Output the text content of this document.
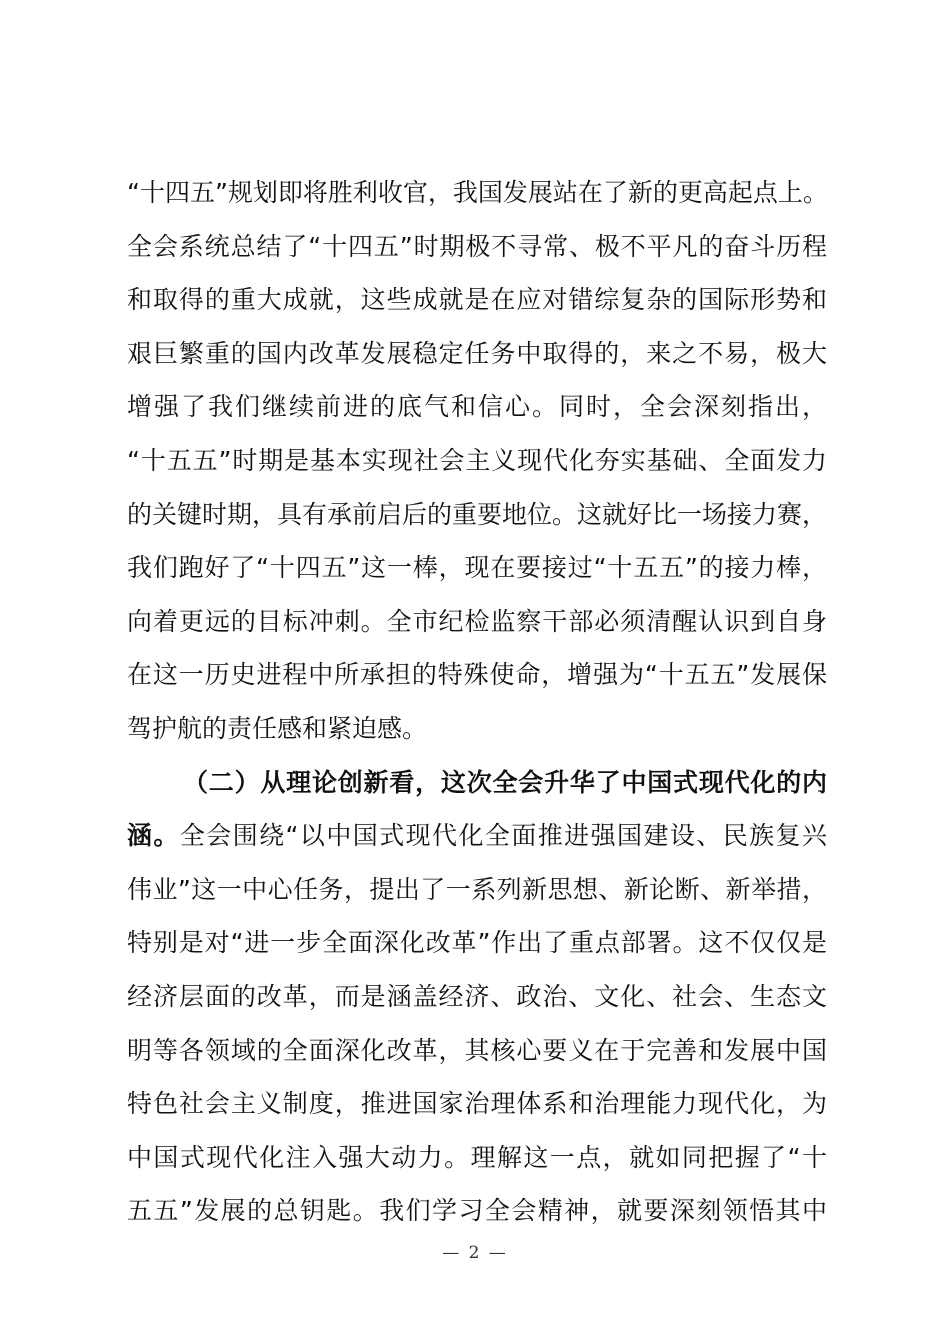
“十四五”规划即将胜利收官，我国发展站在了新的更高起点上。
全会系统总结了“十四五”时期极不寻常、极不平凡的奋斗历程
和取得的重大成就，这些成就是在应对错综复杂的国际形势和
艰巨繁重的国内改革发展稳定任务中取得的，来之不易，极大
增强了我们继续前进的底气和信心。同时，全会深刻指出，
“十五五”时期是基本实现社会主义现代化夯实基础、全面发力
的关键时期，具有承前启后的重要地位。这就好比一场接力赛，
我们跑好了“十四五”这一棒，现在要接过“十五五”的接力棒，
向着更远的目标冲刺。全市纪检监察干部必须清醒认识到自身
在这一历史进程中所承担的特殊使命，增强为“十五五”发展保
驾护航的责任感和紧迫感。
（二）从理论创新看，这次全会升华了中国式现代化的内
涵。全会围绕“以中国式现代化全面推进强国建设、民族复兴
伟业”这一中心任务，提出了一系列新思想、新论断、新举措，
特别是对“进一步全面深化改革”作出了重点部署。这不仅仅是
经济层面的改革，而是涵盖经济、政治、文化、社会、生态文
明等各领域的全面深化改革，其核心要义在于完善和发展中国
特色社会主义制度，推进国家治理体系和治理能力现代化，为
中国式现代化注入强大动力。理解这一点，就如同把握了“十
五五”发展的总钥匙。我们学习全会精神，就要深刻领悟其中
— 2 —
